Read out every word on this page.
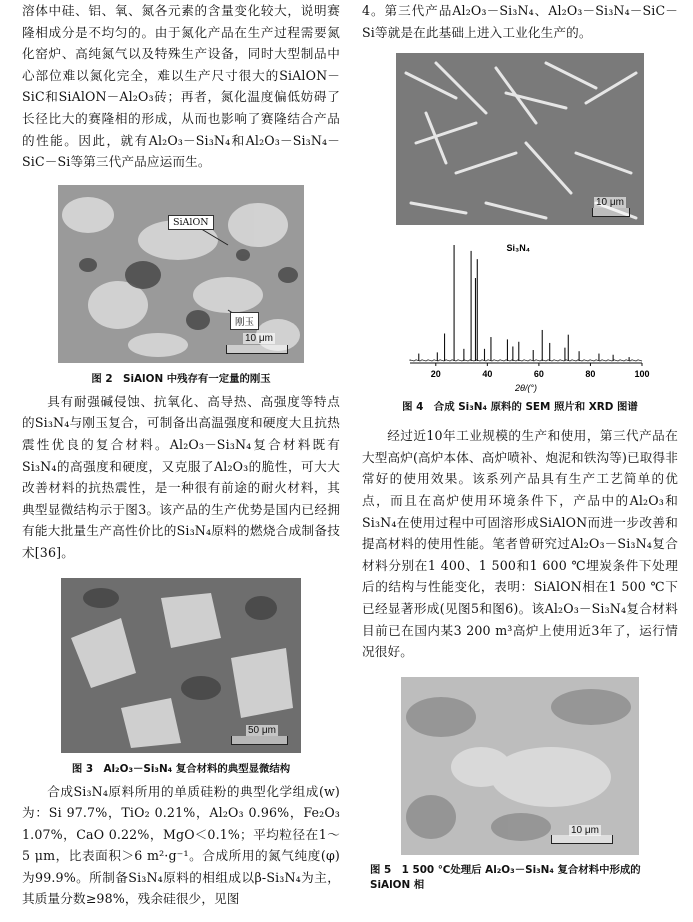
溶体中硅、铝、氧、氮各元素的含量变化较大，说明赛隆相成分是不均匀的。由于氮化产品在生产过程需要氮化窑炉、高纯氮气以及特殊生产设备，同时大型制品中心部位难以氮化完全，难以生产尺寸很大的SiAlON－SiC和SiAlON－Al₂O₃砖；再者，氮化温度偏低妨碍了长径比大的赛隆相的形成，从而也影响了赛隆结合产品的性能。因此，就有Al₂O₃－Si₃N₄和Al₂O₃－Si₃N₄－SiC－Si等第三代产品应运而生。

SiAlON
刚玉
10 μm

图 2　SiAlON 中残存有一定量的刚玉

具有耐强碱侵蚀、抗氧化、高导热、高强度等特点的Si₃N₄与刚玉复合，可制备出高温强度和硬度大且抗热震性优良的复合材料。Al₂O₃－Si₃N₄复合材料既有Si₃N₄的高强度和硬度，又克服了Al₂O₃的脆性，可大大改善材料的抗热震性，是一种很有前途的耐火材料，其典型显微结构示于图3。该产品的生产优势是国内已经拥有能大批量生产高性价比的Si₃N₄原料的燃烧合成制备技术[36]。

50 μm

图 3　Al₂O₃－Si₃N₄ 复合材料的典型显微结构

合成Si₃N₄原料所用的单质硅粉的典型化学组成(w)为：Si 97.7%，TiO₂ 0.21%，Al₂O₃ 0.96%，Fe₂O₃ 1.07%，CaO 0.22%，MgO＜0.1%；平均粒径在1～5 μm，比表面积＞6 m²·g⁻¹。合成所用的氮气纯度(φ)为99.9%。所制备Si₃N₄原料的相组成以β-Si₃N₄为主，其质量分数≥98%，残余硅很少，见图

4。第三代产品Al₂O₃－Si₃N₄、Al₂O₃－Si₃N₄－SiC－Si等就是在此基础上进入工业化生产的。

10 μm
20	40	60	80	100
2θ/(°)
Si₃N₄

图 4　合成 Si₃N₄ 原料的 SEM 照片和 XRD 图谱

经过近10年工业规模的生产和使用，第三代产品在大型高炉(高炉本体、高炉喷补、炮泥和铁沟等)已取得非常好的使用效果。该系列产品具有生产工艺简单的优点，而且在高炉使用环境条件下，产品中的Al₂O₃和Si₃N₄在使用过程中可固溶形成SiAlON而进一步改善和提高材料的使用性能。笔者曾研究过Al₂O₃－Si₃N₄复合材料分别在1 400、1 500和1 600 ℃埋炭条件下处理后的结构与性能变化，表明：SiAlON相在1 500 ℃下已经显著形成(见图5和图6)。该Al₂O₃－Si₃N₄复合材料目前已在国内某3 200 m³高炉上使用近3年了，运行情况很好。

10 μm

图 5　1 500 ℃处理后 Al₂O₃－Si₃N₄ 复合材料中形成的 SiAlON 相
